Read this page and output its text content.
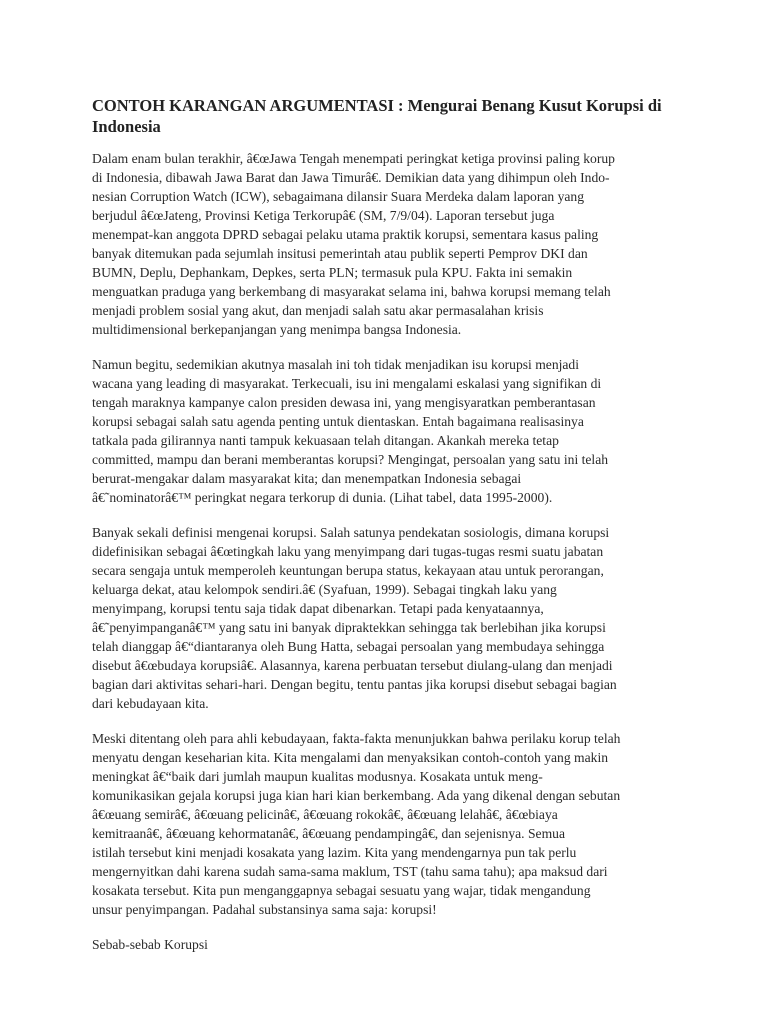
CONTOH KARANGAN ARGUMENTASI : Mengurai Benang Kusut Korupsi di
Indonesia
Dalam enam bulan terakhir, â€œJawa Tengah menempati peringkat ketiga provinsi paling korup
di Indonesia, dibawah Jawa Barat dan Jawa Timurâ€. Demikian data yang dihimpun oleh Indo-
nesian Corruption Watch (ICW), sebagaimana dilansir Suara Merdeka dalam laporan yang
berjudul â€œJateng, Provinsi Ketiga Terkorupâ€ (SM, 7/9/04). Laporan tersebut juga
menempat-kan anggota DPRD sebagai pelaku utama praktik korupsi, sementara kasus paling
banyak ditemukan pada sejumlah insitusi pemerintah atau publik seperti Pemprov DKI dan
BUMN, Deplu, Dephankam, Depkes, serta PLN; termasuk pula KPU. Fakta ini semakin
menguatkan praduga yang berkembang di masyarakat selama ini, bahwa korupsi memang telah
menjadi problem sosial yang akut, dan menjadi salah satu akar permasalahan krisis
multidimensional berkepanjangan yang menimpa bangsa Indonesia.
Namun begitu, sedemikian akutnya masalah ini toh tidak menjadikan isu korupsi menjadi
wacana yang leading di masyarakat. Terkecuali, isu ini mengalami eskalasi yang signifikan di
tengah maraknya kampanye calon presiden dewasa ini, yang mengisyaratkan pemberantasan
korupsi sebagai salah satu agenda penting untuk dientaskan. Entah bagaimana realisasinya
tatkala pada gilirannya nanti tampuk kekuasaan telah ditangan. Akankah mereka tetap
committed, mampu dan berani memberantas korupsi? Mengingat, persoalan yang satu ini telah
berurat-mengakar dalam masyarakat kita; dan menempatkan Indonesia sebagai
â€˜nominatorâ€™ peringkat negara terkorup di dunia. (Lihat tabel, data 1995-2000).
Banyak sekali definisi mengenai korupsi. Salah satunya pendekatan sosiologis, dimana korupsi
didefinisikan sebagai â€œtingkah laku yang menyimpang dari tugas-tugas resmi suatu jabatan
secara sengaja untuk memperoleh keuntungan berupa status, kekayaan atau untuk perorangan,
keluarga dekat, atau kelompok sendiri.â€ (Syafuan, 1999). Sebagai tingkah laku yang
menyimpang, korupsi tentu saja tidak dapat dibenarkan. Tetapi pada kenyataannya,
â€˜penyimpanganâ€™ yang satu ini banyak dipraktekkan sehingga tak berlebihan jika korupsi
telah dianggap â€“diantaranya oleh Bung Hatta, sebagai persoalan yang membudaya sehingga
disebut â€œbudaya korupsiâ€. Alasannya, karena perbuatan tersebut diulang-ulang dan menjadi
bagian dari aktivitas sehari-hari. Dengan begitu, tentu pantas jika korupsi disebut sebagai bagian
dari kebudayaan kita.
Meski ditentang oleh para ahli kebudayaan, fakta-fakta menunjukkan bahwa perilaku korup telah
menyatu dengan keseharian kita. Kita mengalami dan menyaksikan contoh-contoh yang makin
meningkat â€“baik dari jumlah maupun kualitas modusnya. Kosakata untuk meng-
komunikasikan gejala korupsi juga kian hari kian berkembang. Ada yang dikenal dengan sebutan
â€œuang semirâ€, â€œuang pelicinâ€, â€œuang rokokâ€, â€œuang lelahâ€, â€œbiaya
kemitraanâ€, â€œuang kehormatanâ€, â€œuang pendampingâ€, dan sejenisnya. Semua
istilah tersebut kini menjadi kosakata yang lazim. Kita yang mendengarnya pun tak perlu
mengernyitkan dahi karena sudah sama-sama maklum, TST (tahu sama tahu); apa maksud dari
kosakata tersebut. Kita pun menganggapnya sebagai sesuatu yang wajar, tidak mengandung
unsur penyimpangan. Padahal substansinya sama saja: korupsi!
Sebab-sebab Korupsi
